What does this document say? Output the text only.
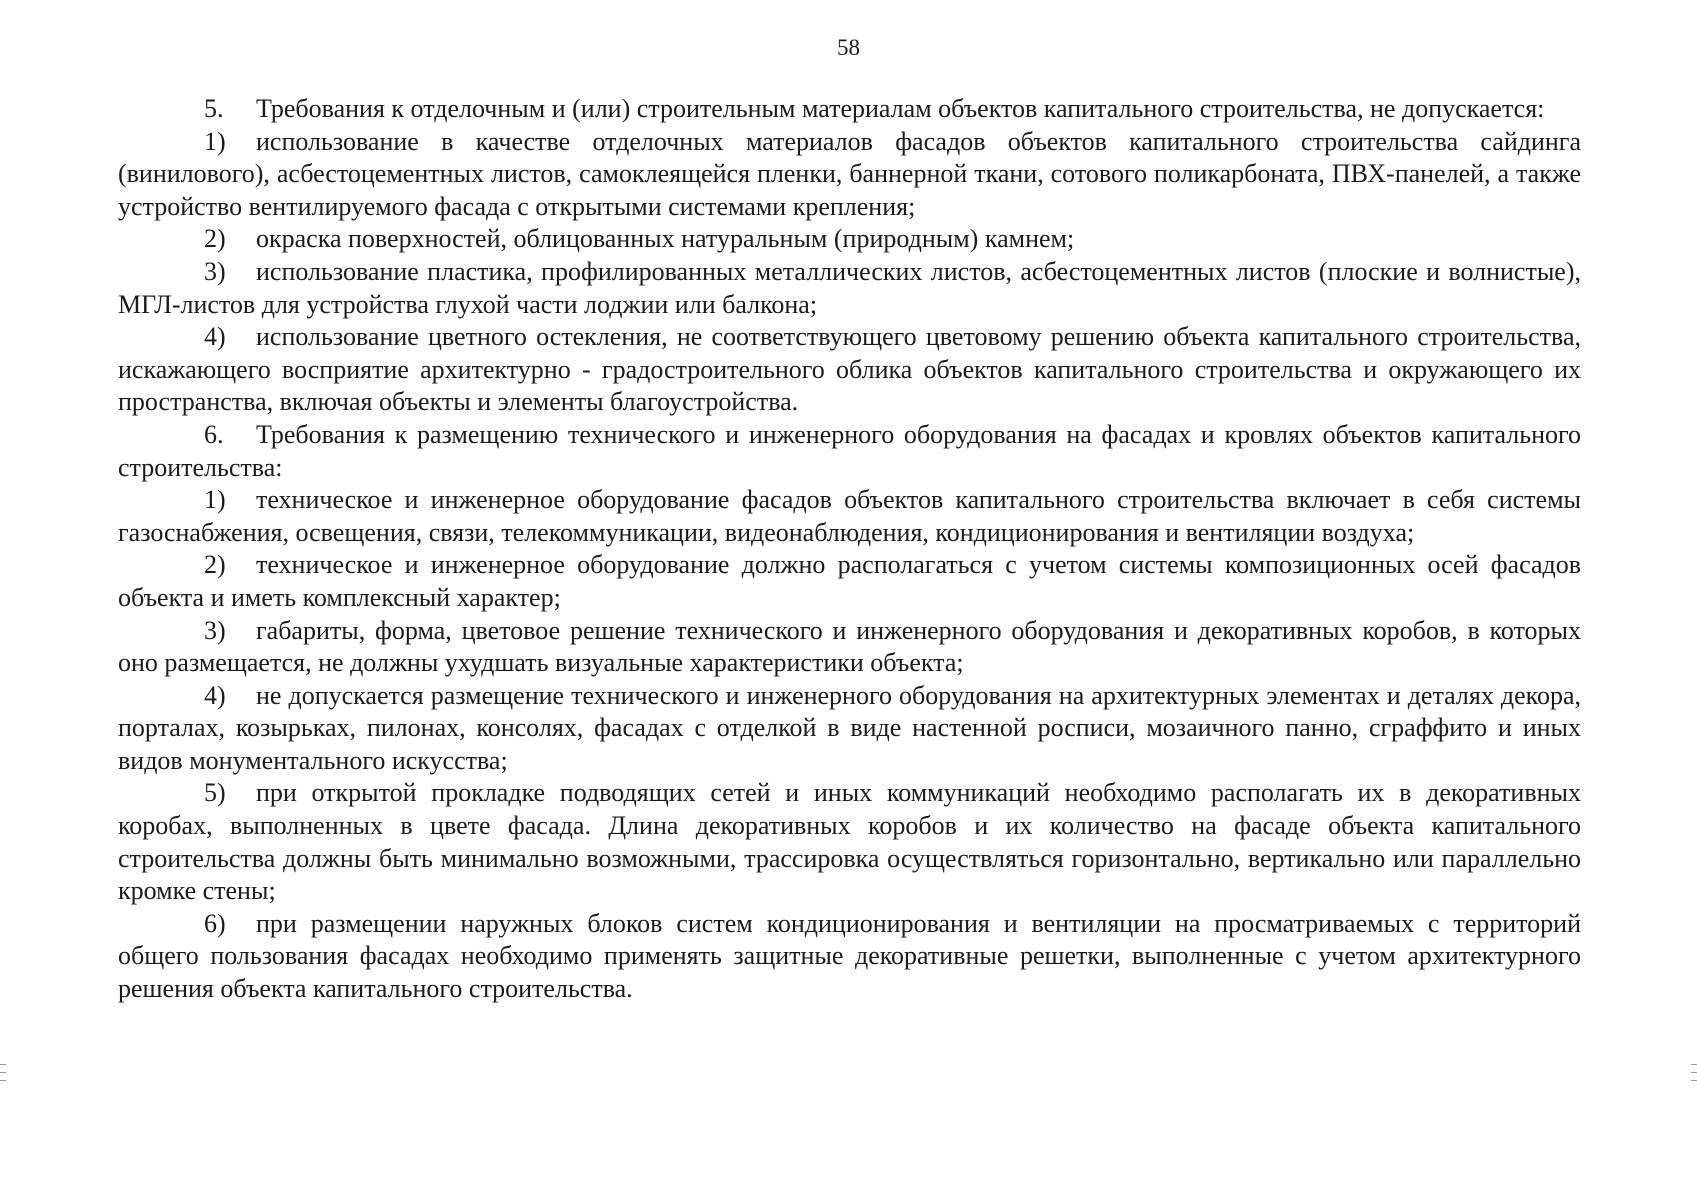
58

5. Требования к отделочным и (или) строительным материалам объектов капитального строительства, не допускается:

1) использование в качестве отделочных материалов фасадов объектов капитального строительства сайдинга (винилового), асбестоцементных листов, самоклеящейся пленки, баннерной ткани, сотового поликарбоната, ПВХ-панелей, а также устройство вентилируемого фасада с открытыми системами крепления;

2) окраска поверхностей, облицованных натуральным (природным) камнем;

3) использование пластика, профилированных металлических листов, асбестоцементных листов (плоские и волнистые), МГЛ-листов для устройства глухой части лоджии или балкона;

4) использование цветного остекления, не соответствующего цветовому решению объекта капитального строительства, искажающего восприятие архитектурно - градостроительного облика объектов капитального строительства и окружающего их пространства, включая объекты и элементы благоустройства.

6. Требования к размещению технического и инженерного оборудования на фасадах и кровлях объектов капитального строительства:

1) техническое и инженерное оборудование фасадов объектов капитального строительства включает в себя системы газоснабжения, освещения, связи, телекоммуникации, видеонаблюдения, кондиционирования и вентиляции воздуха;

2) техническое и инженерное оборудование должно располагаться с учетом системы композиционных осей фасадов объекта и иметь комплексный характер;

3) габариты, форма, цветовое решение технического и инженерного оборудования и декоративных коробов, в которых оно размещается, не должны ухудшать визуальные характеристики объекта;

4) не допускается размещение технического и инженерного оборудования на архитектурных элементах и деталях декора, порталах, козырьках, пилонах, консолях, фасадах с отделкой в виде настенной росписи, мозаичного панно, сграффито и иных видов монументального искусства;

5) при открытой прокладке подводящих сетей и иных коммуникаций необходимо располагать их в декоративных коробах, выполненных в цвете фасада. Длина декоративных коробов и их количество на фасаде объекта капитального строительства должны быть минимально возможными, трассировка осуществляться горизонтально, вертикально или параллельно кромке стены;

6) при размещении наружных блоков систем кондиционирования и вентиляции на просматриваемых с территорий общего пользования фасадах необходимо применять защитные декоративные решетки, выполненные с учетом архитектурного решения объекта капитального строительства.
